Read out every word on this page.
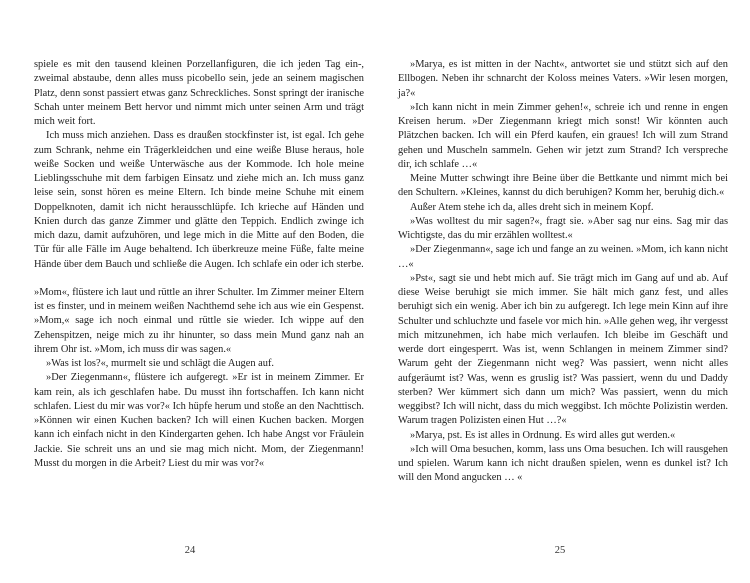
spiele es mit den tausend kleinen Porzellanfiguren, die ich jeden Tag ein-, zweimal abstaube, denn alles muss picobello sein, jede an seinem magischen Platz, denn sonst passiert etwas ganz Schreckliches. Sonst springt der iranische Schah unter meinem Bett hervor und nimmt mich unter seinen Arm und trägt mich weit fort.

Ich muss mich anziehen. Dass es draußen stockfinster ist, ist egal. Ich gehe zum Schrank, nehme ein Trägerkleidchen und eine weiße Bluse heraus, hole weiße Socken und weiße Unterwäsche aus der Kommode. Ich hole meine Lieblingsschuhe mit dem farbigen Einsatz und ziehe mich an. Ich muss ganz leise sein, sonst hören es meine Eltern. Ich binde meine Schuhe mit einem Doppelknoten, damit ich nicht herausschlüpfe. Ich krieche auf Händen und Knien durch das ganze Zimmer und glätte den Teppich. Endlich zwinge ich mich dazu, damit aufzuhören, und lege mich in die Mitte auf den Boden, die Tür für alle Fälle im Auge behaltend. Ich überkreuze meine Füße, falte meine Hände über dem Bauch und schließe die Augen. Ich schlafe ein oder ich sterbe.

»Mom«, flüstere ich laut und rüttle an ihrer Schulter. Im Zimmer meiner Eltern ist es finster, und in meinem weißen Nachthemd sehe ich aus wie ein Gespenst. »Mom,« sage ich noch einmal und rüttle sie wieder. Ich wippe auf den Zehenspitzen, neige mich zu ihr hinunter, so dass mein Mund ganz nah an ihrem Ohr ist. »Mom, ich muss dir was sagen.«

»Was ist los?«, murmelt sie und schlägt die Augen auf.

»Der Ziegenmann«, flüstere ich aufgeregt. »Er ist in meinem Zimmer. Er kam rein, als ich geschlafen habe. Du musst ihn fortschaffen. Ich kann nicht schlafen. Liest du mir was vor?« Ich hüpfe herum und stoße an den Nachttisch. »Können wir einen Kuchen backen? Ich will einen Kuchen backen. Morgen kann ich einfach nicht in den Kindergarten gehen. Ich habe Angst vor Fräulein Jackie. Sie schreit uns an und sie mag mich nicht. Mom, der Ziegenmann! Musst du morgen in die Arbeit? Liest du mir was vor?«

»Marya, es ist mitten in der Nacht«, antwortet sie und stützt sich auf den Ellbogen. Neben ihr schnarcht der Koloss meines Vaters. »Wir lesen morgen, ja?«

»Ich kann nicht in mein Zimmer gehen!«, schreie ich und renne in engen Kreisen herum. »Der Ziegenmann kriegt mich sonst! Wir könnten auch Plätzchen backen. Ich will ein Pferd kaufen, ein graues! Ich will zum Strand gehen und Muscheln sammeln. Gehen wir jetzt zum Strand? Ich verspreche dir, ich schlafe …«

Meine Mutter schwingt ihre Beine über die Bettkante und nimmt mich bei den Schultern. »Kleines, kannst du dich beruhigen? Komm her, beruhig dich.«

Außer Atem stehe ich da, alles dreht sich in meinem Kopf.

»Was wolltest du mir sagen?«, fragt sie. »Aber sag nur eins. Sag mir das Wichtigste, das du mir erzählen wolltest.«

»Der Ziegenmann«, sage ich und fange an zu weinen. »Mom, ich kann nicht …«

»Pst«, sagt sie und hebt mich auf. Sie trägt mich im Gang auf und ab. Auf diese Weise beruhigt sie mich immer. Sie hält mich ganz fest, und alles beruhigt sich ein wenig. Aber ich bin zu aufgeregt. Ich lege mein Kinn auf ihre Schulter und schluchzte und fasele vor mich hin. »Alle gehen weg, ihr vergesst mich mitzunehmen, ich habe mich verlaufen. Ich bleibe im Geschäft und werde dort eingesperrt. Was ist, wenn Schlangen in meinem Zimmer sind? Warum geht der Ziegenmann nicht weg? Was passiert, wenn nicht alles aufgeräumt ist? Was, wenn es gruslig ist? Was passiert, wenn du und Daddy sterben? Wer kümmert sich dann um mich? Was passiert, wenn du mich weggibst? Ich will nicht, dass du mich weggibst. Ich möchte Polizistin werden. Warum tragen Polizisten einen Hut …?«

»Marya, pst. Es ist alles in Ordnung. Es wird alles gut werden.«

»Ich will Oma besuchen, komm, lass uns Oma besuchen. Ich will rausgehen und spielen. Warum kann ich nicht draußen spielen, wenn es dunkel ist? Ich will den Mond angucken … «

24	25
